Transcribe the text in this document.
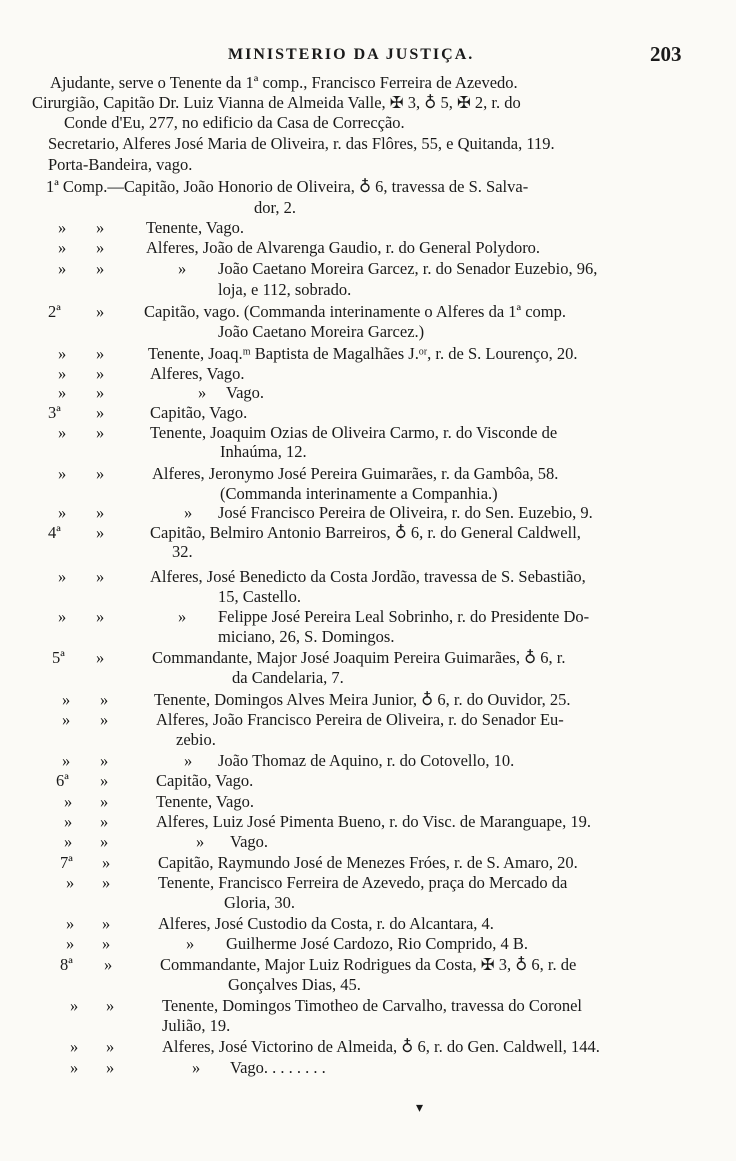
MINISTERIO DA JUSTIÇA.	203
Ajudante, serve o Tenente da 1ª comp., Francisco Ferreira de Azevedo.
Cirurgião, Capitão Dr. Luiz Vianna de Almeida Valle, ✠ 3, ♁ 5, ✠ 2, r. do
Conde d'Eu, 277, no edificio da Casa de Correcção.
Secretario, Alferes José Maria de Oliveira, r. das Flôres, 55, e Quitanda, 119.
Porta-Bandeira, vago.
1ª Comp.—Capitão, João Honorio de Oliveira, ♁ 6, travessa de S. Salva-
dor, 2.
» »	Tenente, Vago.
» »	Alferes, João de Alvarenga Gaudio, r. do General Polydoro.
» »	» João Caetano Moreira Garcez, r. do Senador Euzebio, 96,
loja, e 112, sobrado.
2ª » Capitão, vago. (Commanda interinamente o Alferes da 1ª comp.
João Caetano Moreira Garcez.)
» »	Tenente, Joaq.ᵐ Baptista de Magalhães J.ᵒʳ, r. de S. Lourenço, 20.
» »	Alferes, Vago.
» »	» Vago.
3ª »	Capitão, Vago.
» »	Tenente, Joaquim Ozias de Oliveira Carmo, r. do Visconde de
Inhaúma, 12.
» »	Alferes, Jeronymo José Pereira Guimarães, r. da Gambôa, 58.
(Commanda interinamente a Companhia.)
» »	» José Francisco Pereira de Oliveira, r. do Sen. Euzebio, 9.
4ª »	Capitão, Belmiro Antonio Barreiros, ♁ 6, r. do General Caldwell,
32.
» »	Alferes, José Benedicto da Costa Jordão, travessa de S. Sebastião,
15, Castello.
» »	» Felippe José Pereira Leal Sobrinho, r. do Presidente Do-
miciano, 26, S. Domingos.
5ª »	Commandante, Major José Joaquim Pereira Guimarães, ♁ 6, r.
da Candelaria, 7.
» »	Tenente, Domingos Alves Meira Junior, ♁ 6, r. do Ouvidor, 25.
» »	Alferes, João Francisco Pereira de Oliveira, r. do Senador Eu-
zebio.
» »	» João Thomaz de Aquino, r. do Cotovello, 10.
6ª »	Capitão, Vago.
» »	Tenente, Vago.
» »	Alferes, Luiz José Pimenta Bueno, r. do Visc. de Maranguape, 19.
» »	» Vago.
7ª »	Capitão, Raymundo José de Menezes Fróes, r. de S. Amaro, 20.
» »	Tenente, Francisco Ferreira de Azevedo, praça do Mercado da
Gloria, 30.
» »	Alferes, José Custodio da Costa, r. do Alcantara, 4.
» »	» Guilherme José Cardozo, Rio Comprido, 4 B.
8ª »	Commandante, Major Luiz Rodrigues da Costa, ✠ 3, ♁ 6, r. de
Gonçalves Dias, 45.
» »	Tenente, Domingos Timotheo de Carvalho, travessa do Coronel
Julião, 19.
» »	Alferes, José Victorino de Almeida, ♁ 6, r. do Gen. Caldwell, 144.
» »	» Vago. . . . . . . .
▾
